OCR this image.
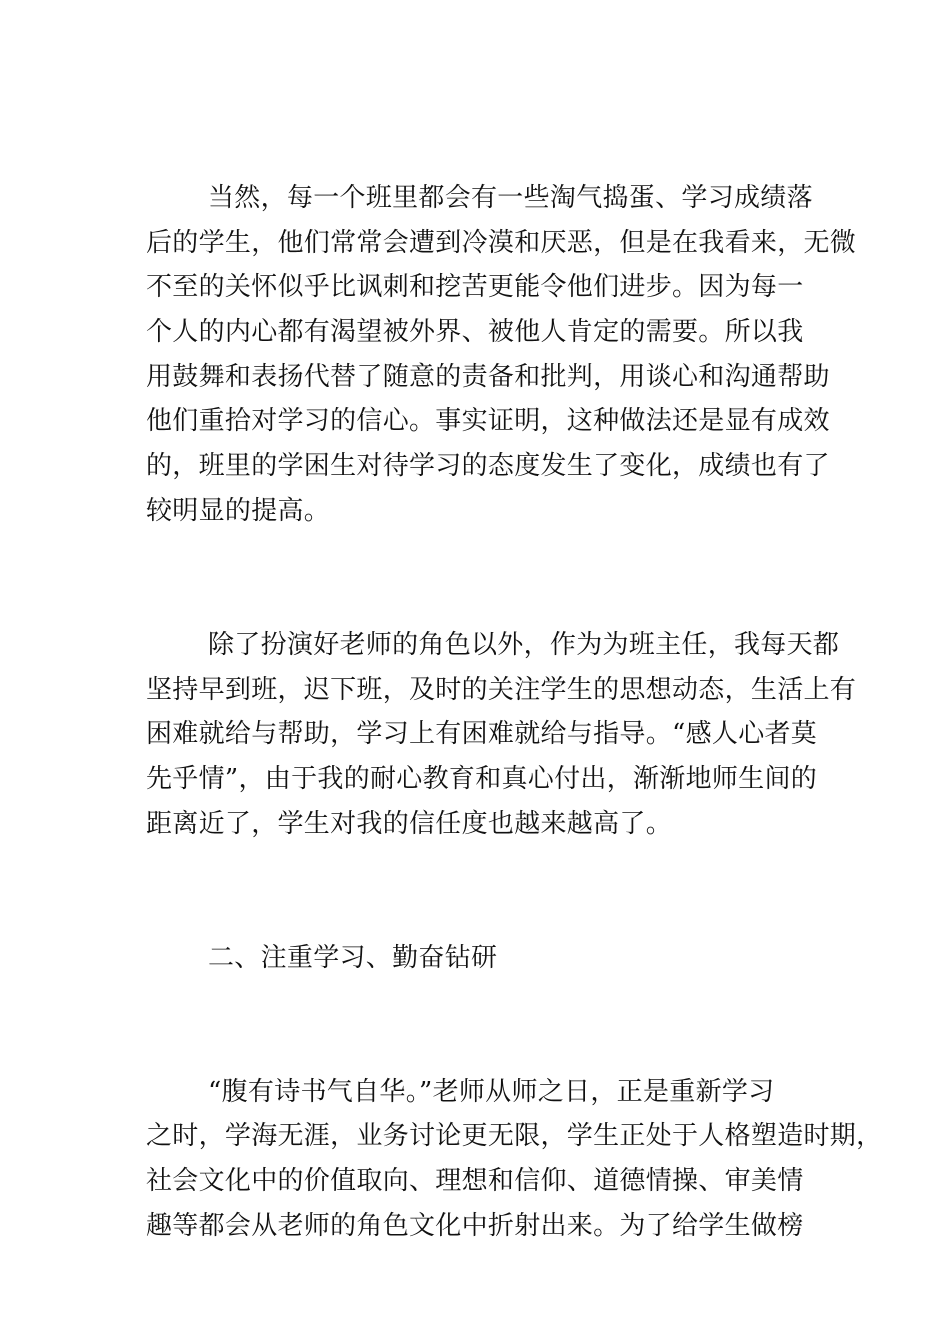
当然，每一个班里都会有一些淘气捣蛋、学习成绩落
后的学生，他们常常会遭到冷漠和厌恶，但是在我看来，无微
不至的关怀似乎比讽刺和挖苦更能令他们进步。因为每一
个人的内心都有渴望被外界、被他人肯定的需要。所以我
用鼓舞和表扬代替了随意的责备和批判，用谈心和沟通帮助
他们重拾对学习的信心。事实证明，这种做法还是显有成效
的，班里的学困生对待学习的态度发生了变化，成绩也有了
较明显的提高。
除了扮演好老师的角色以外，作为为班主任，我每天都
坚持早到班，迟下班，及时的关注学生的思想动态，生活上有
困难就给与帮助，学习上有困难就给与指导。“感人心者莫
先乎情”，由于我的耐心教育和真心付出，渐渐地师生间的
距离近了，学生对我的信任度也越来越高了。
二、注重学习、勤奋钻研
“腹有诗书气自华。”老师从师之日，正是重新学习
之时，学海无涯，业务讨论更无限，学生正处于人格塑造时期，
社会文化中的价值取向、理想和信仰、道德情操、审美情
趣等都会从老师的角色文化中折射出来。为了给学生做榜
